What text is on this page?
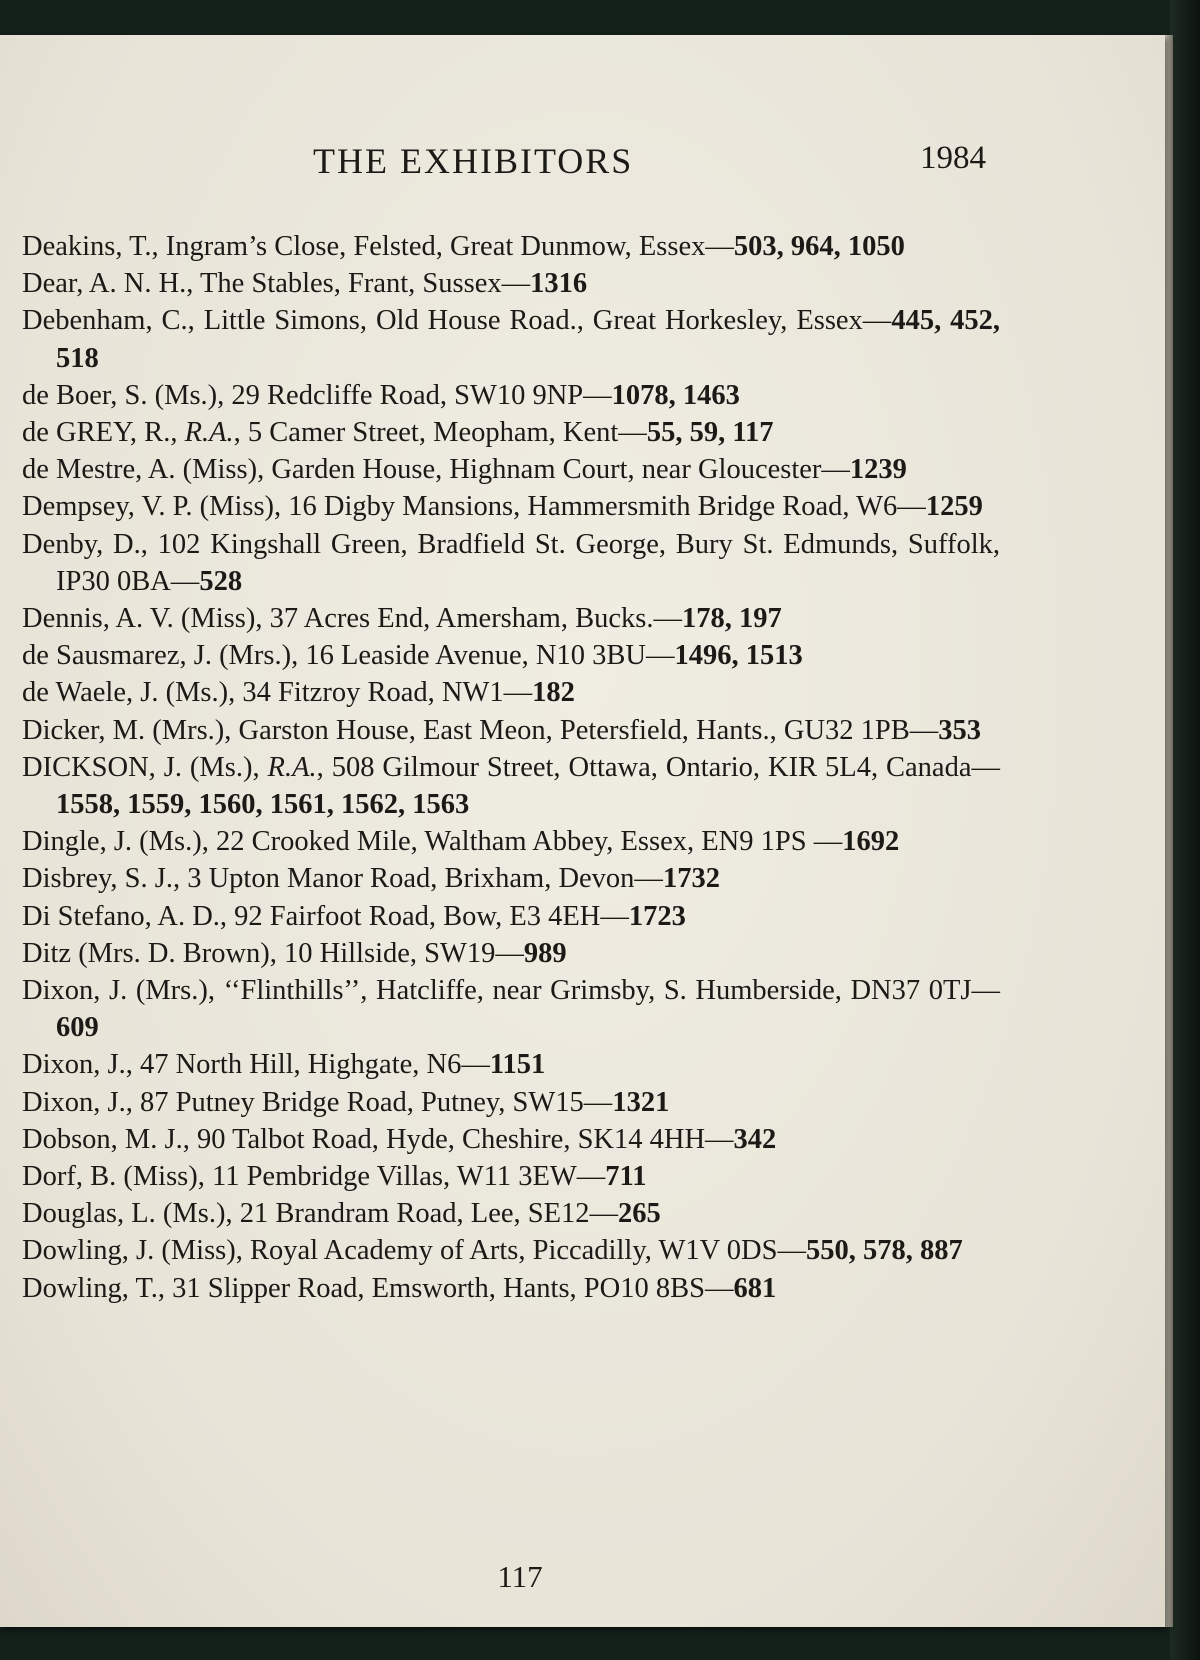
THE EXHIBITORS	1984
Deakins, T., Ingram’s Close, Felsted, Great Dunmow, Essex—503, 964, 1050
Dear, A. N. H., The Stables, Frant, Sussex—1316
Debenham, C., Little Simons, Old House Road., Great Horkesley, Essex—445, 452, 518
de Boer, S. (Ms.), 29 Redcliffe Road, SW10 9NP—1078, 1463
de GREY, R., R.A., 5 Camer Street, Meopham, Kent—55, 59, 117
de Mestre, A. (Miss), Garden House, Highnam Court, near Gloucester—1239
Dempsey, V. P. (Miss), 16 Digby Mansions, Hammersmith Bridge Road, W6—1259
Denby, D., 102 Kingshall Green, Bradfield St. George, Bury St. Edmunds, Suffolk, IP30 0BA—528
Dennis, A. V. (Miss), 37 Acres End, Amersham, Bucks.—178, 197
de Sausmarez, J. (Mrs.), 16 Leaside Avenue, N10 3BU—1496, 1513
de Waele, J. (Ms.), 34 Fitzroy Road, NW1—182
Dicker, M. (Mrs.), Garston House, East Meon, Petersfield, Hants., GU32 1PB—353
DICKSON, J. (Ms.), R.A., 508 Gilmour Street, Ottawa, Ontario, KIR 5L4, Canada—1558, 1559, 1560, 1561, 1562, 1563
Dingle, J. (Ms.), 22 Crooked Mile, Waltham Abbey, Essex, EN9 1PS —1692
Disbrey, S. J., 3 Upton Manor Road, Brixham, Devon—1732
Di Stefano, A. D., 92 Fairfoot Road, Bow, E3 4EH—1723
Ditz (Mrs. D. Brown), 10 Hillside, SW19—989
Dixon, J. (Mrs.), ‘‘Flinthills’’, Hatcliffe, near Grimsby, S. Humberside, DN37 0TJ—609
Dixon, J., 47 North Hill, Highgate, N6—1151
Dixon, J., 87 Putney Bridge Road, Putney, SW15—1321
Dobson, M. J., 90 Talbot Road, Hyde, Cheshire, SK14 4HH—342
Dorf, B. (Miss), 11 Pembridge Villas, W11 3EW—711
Douglas, L. (Ms.), 21 Brandram Road, Lee, SE12—265
Dowling, J. (Miss), Royal Academy of Arts, Piccadilly, W1V 0DS—550, 578, 887
Dowling, T., 31 Slipper Road, Emsworth, Hants, PO10 8BS—681
117
